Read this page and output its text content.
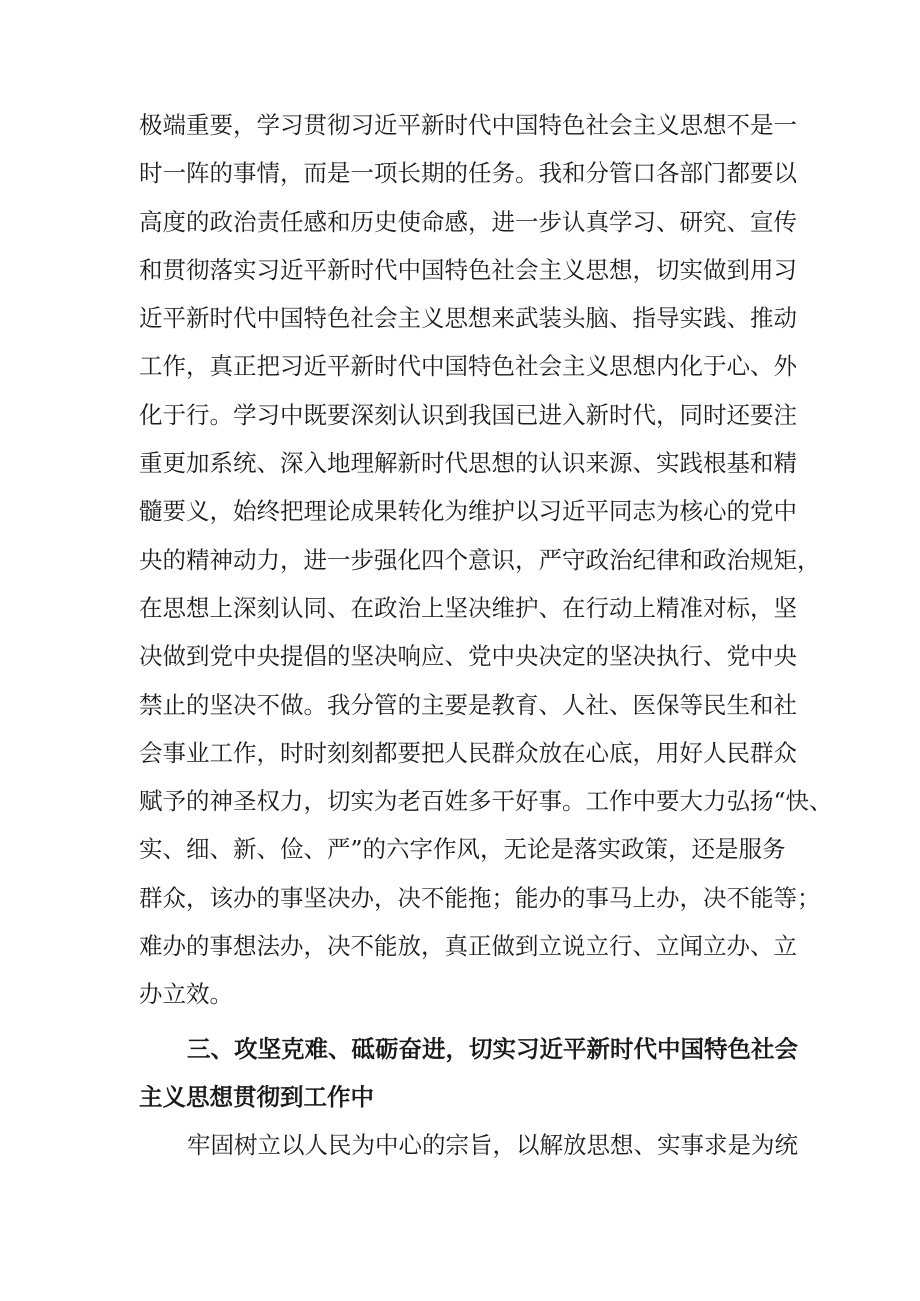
极端重要，学习贯彻习近平新时代中国特色社会主义思想不是一
时一阵的事情，而是一项长期的任务。我和分管口各部门都要以
高度的政治责任感和历史使命感，进一步认真学习、研究、宣传
和贯彻落实习近平新时代中国特色社会主义思想，切实做到用习
近平新时代中国特色社会主义思想来武装头脑、指导实践、推动
工作，真正把习近平新时代中国特色社会主义思想内化于心、外
化于行。学习中既要深刻认识到我国已进入新时代，同时还要注
重更加系统、深入地理解新时代思想的认识来源、实践根基和精
髓要义，始终把理论成果转化为维护以习近平同志为核心的党中
央的精神动力，进一步强化四个意识，严守政治纪律和政治规矩，
在思想上深刻认同、在政治上坚决维护、在行动上精准对标，坚
决做到党中央提倡的坚决响应、党中央决定的坚决执行、党中央
禁止的坚决不做。我分管的主要是教育、人社、医保等民生和社
会事业工作，时时刻刻都要把人民群众放在心底，用好人民群众
赋予的神圣权力，切实为老百姓多干好事。工作中要大力弘扬“快、
实、细、新、俭、严”的六字作风，无论是落实政策，还是服务
群众，该办的事坚决办，决不能拖；能办的事马上办，决不能等；
难办的事想法办，决不能放，真正做到立说立行、立闻立办、立
办立效。
三、攻坚克难、砥砺奋进，切实习近平新时代中国特色社会
主义思想贯彻到工作中
牢固树立以人民为中心的宗旨，以解放思想、实事求是为统
